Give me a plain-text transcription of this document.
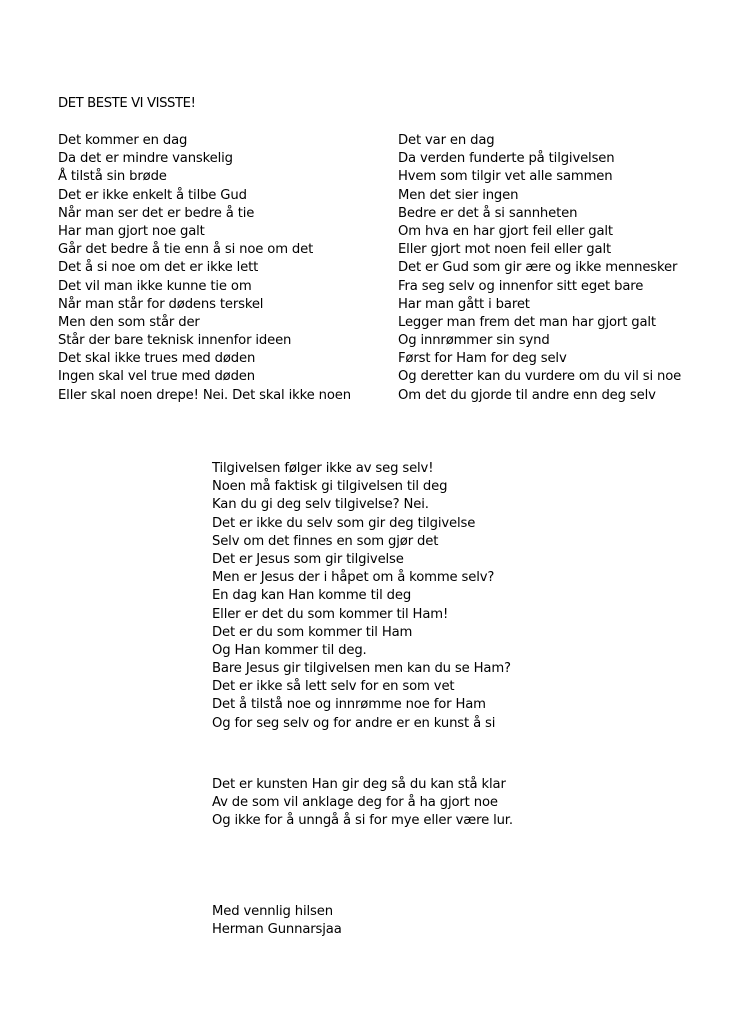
DET BESTE VI VISSTE!
Det kommer en dag
Da det er mindre vanskelig
Å tilstå sin brøde
Det er ikke enkelt å tilbe Gud
Når man ser det er bedre å tie
Har man gjort noe galt
Går det bedre å tie enn å si noe om det
Det å si noe om det er ikke lett
Det vil man ikke kunne tie om
Når man står for dødens terskel
Men den som står der
Står der bare teknisk innenfor ideen
Det skal ikke trues med døden
Ingen skal vel true med døden
Eller skal noen drepe! Nei. Det skal ikke noen
Det var en dag
Da verden funderte på tilgivelsen
Hvem som tilgir vet alle sammen
Men det sier ingen
Bedre er det å si sannheten
Om hva en har gjort feil eller galt
Eller gjort mot noen feil eller galt
Det er Gud som gir ære og ikke mennesker
Fra seg selv og innenfor sitt eget bare
Har man gått i baret
Legger man frem det man har gjort galt
Og innrømmer sin synd
Først for Ham for deg selv
Og deretter kan du vurdere om du vil si noe
Om det du gjorde til andre enn deg selv
Tilgivelsen følger ikke av seg selv!
Noen må faktisk gi tilgivelsen til deg
Kan du gi deg selv tilgivelse? Nei.
Det er ikke du selv som gir deg tilgivelse
Selv om det finnes en som gjør det
Det er Jesus som gir tilgivelse
Men er Jesus der i håpet om å komme selv?
En dag kan Han komme til deg
Eller er det du som kommer til Ham!
Det er du som kommer til Ham
Og Han kommer til deg.
Bare Jesus gir tilgivelsen men kan du se Ham?
Det er ikke så lett selv for en som vet
Det å tilstå noe og innrømme noe for Ham
Og for seg selv og for andre er en kunst å si
Det er kunsten Han gir deg så du kan stå klar
Av de som vil anklage deg for å ha gjort noe
Og ikke for å unngå å si for mye eller være lur.
Med vennlig hilsen
Herman Gunnarsjaa
